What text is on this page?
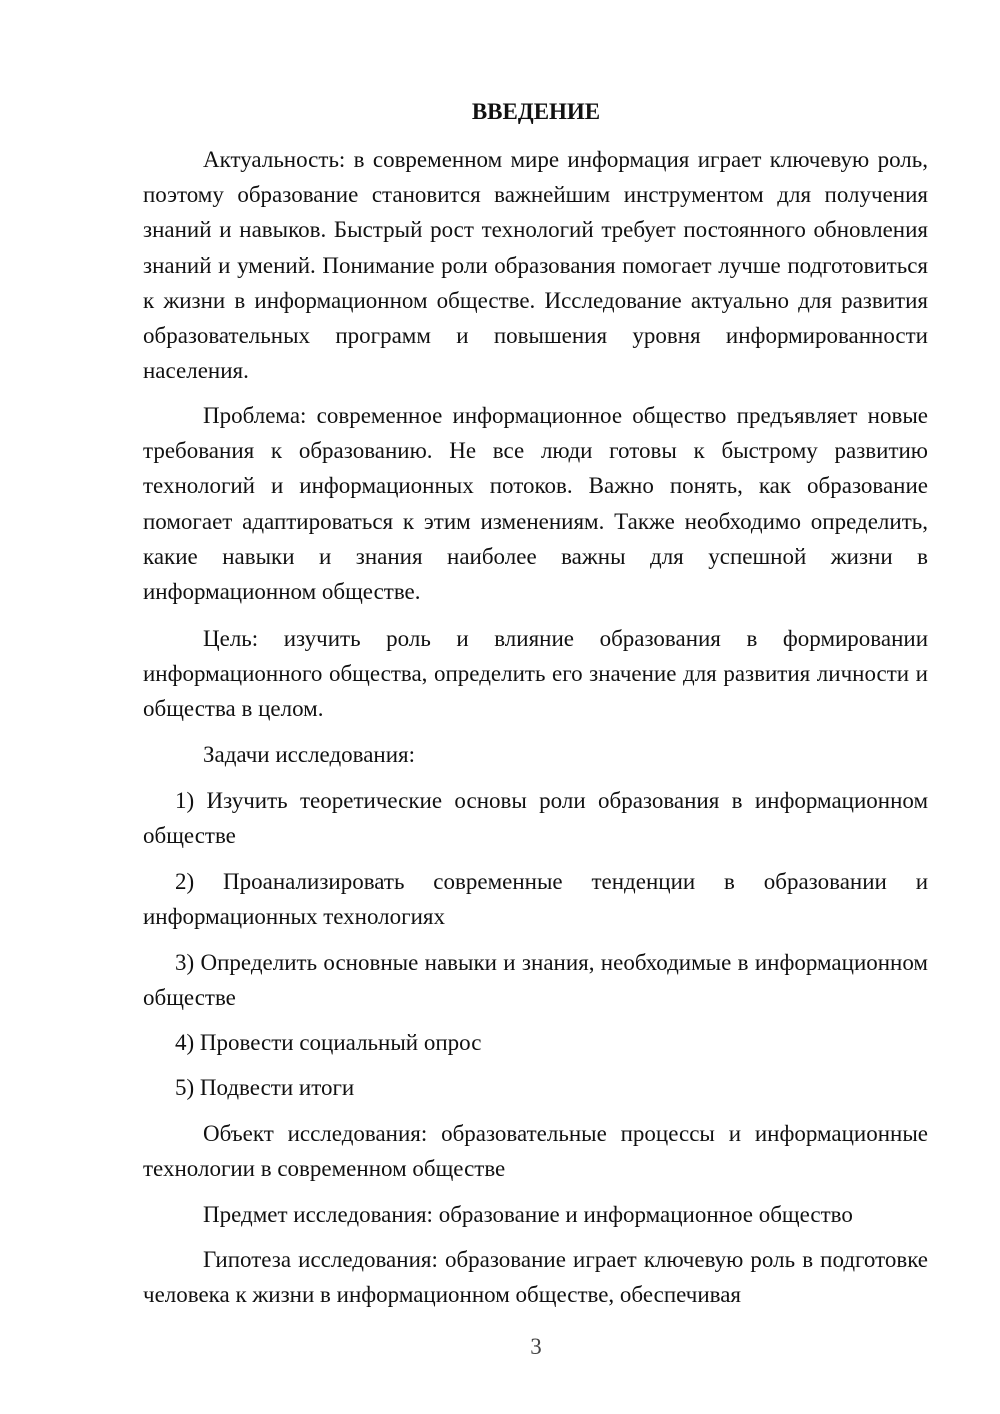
ВВЕДЕНИЕ

Актуальность: в современном мире информация играет ключевую роль, поэтому образование становится важнейшим инструментом для получения знаний и навыков. Быстрый рост технологий требует постоянного обновления знаний и умений. Понимание роли образования помогает лучше подготовиться к жизни в информационном обществе. Исследование актуально для развития образовательных программ и повышения уровня информированности населения.

Проблема: современное информационное общество предъявляет новые требования к образованию. Не все люди готовы к быстрому развитию технологий и информационных потоков. Важно понять, как образование помогает адаптироваться к этим изменениям. Также необходимо определить, какие навыки и знания наиболее важны для успешной жизни в информационном обществе.

Цель: изучить роль и влияние образования в формировании информационного общества, определить его значение для развития личности и общества в целом.

Задачи исследования:

1) Изучить теоретические основы роли образования в информационном обществе

2) Проанализировать современные тенденции в образовании и информационных технологиях

3) Определить основные навыки и знания, необходимые в информационном обществе

4) Провести социальный опрос

5) Подвести итоги

Объект исследования: образовательные процессы и информационные технологии в современном обществе

Предмет исследования: образование и информационное общество

Гипотеза исследования: образование играет ключевую роль в подготовке человека к жизни в информационном обществе, обеспечивая

3
